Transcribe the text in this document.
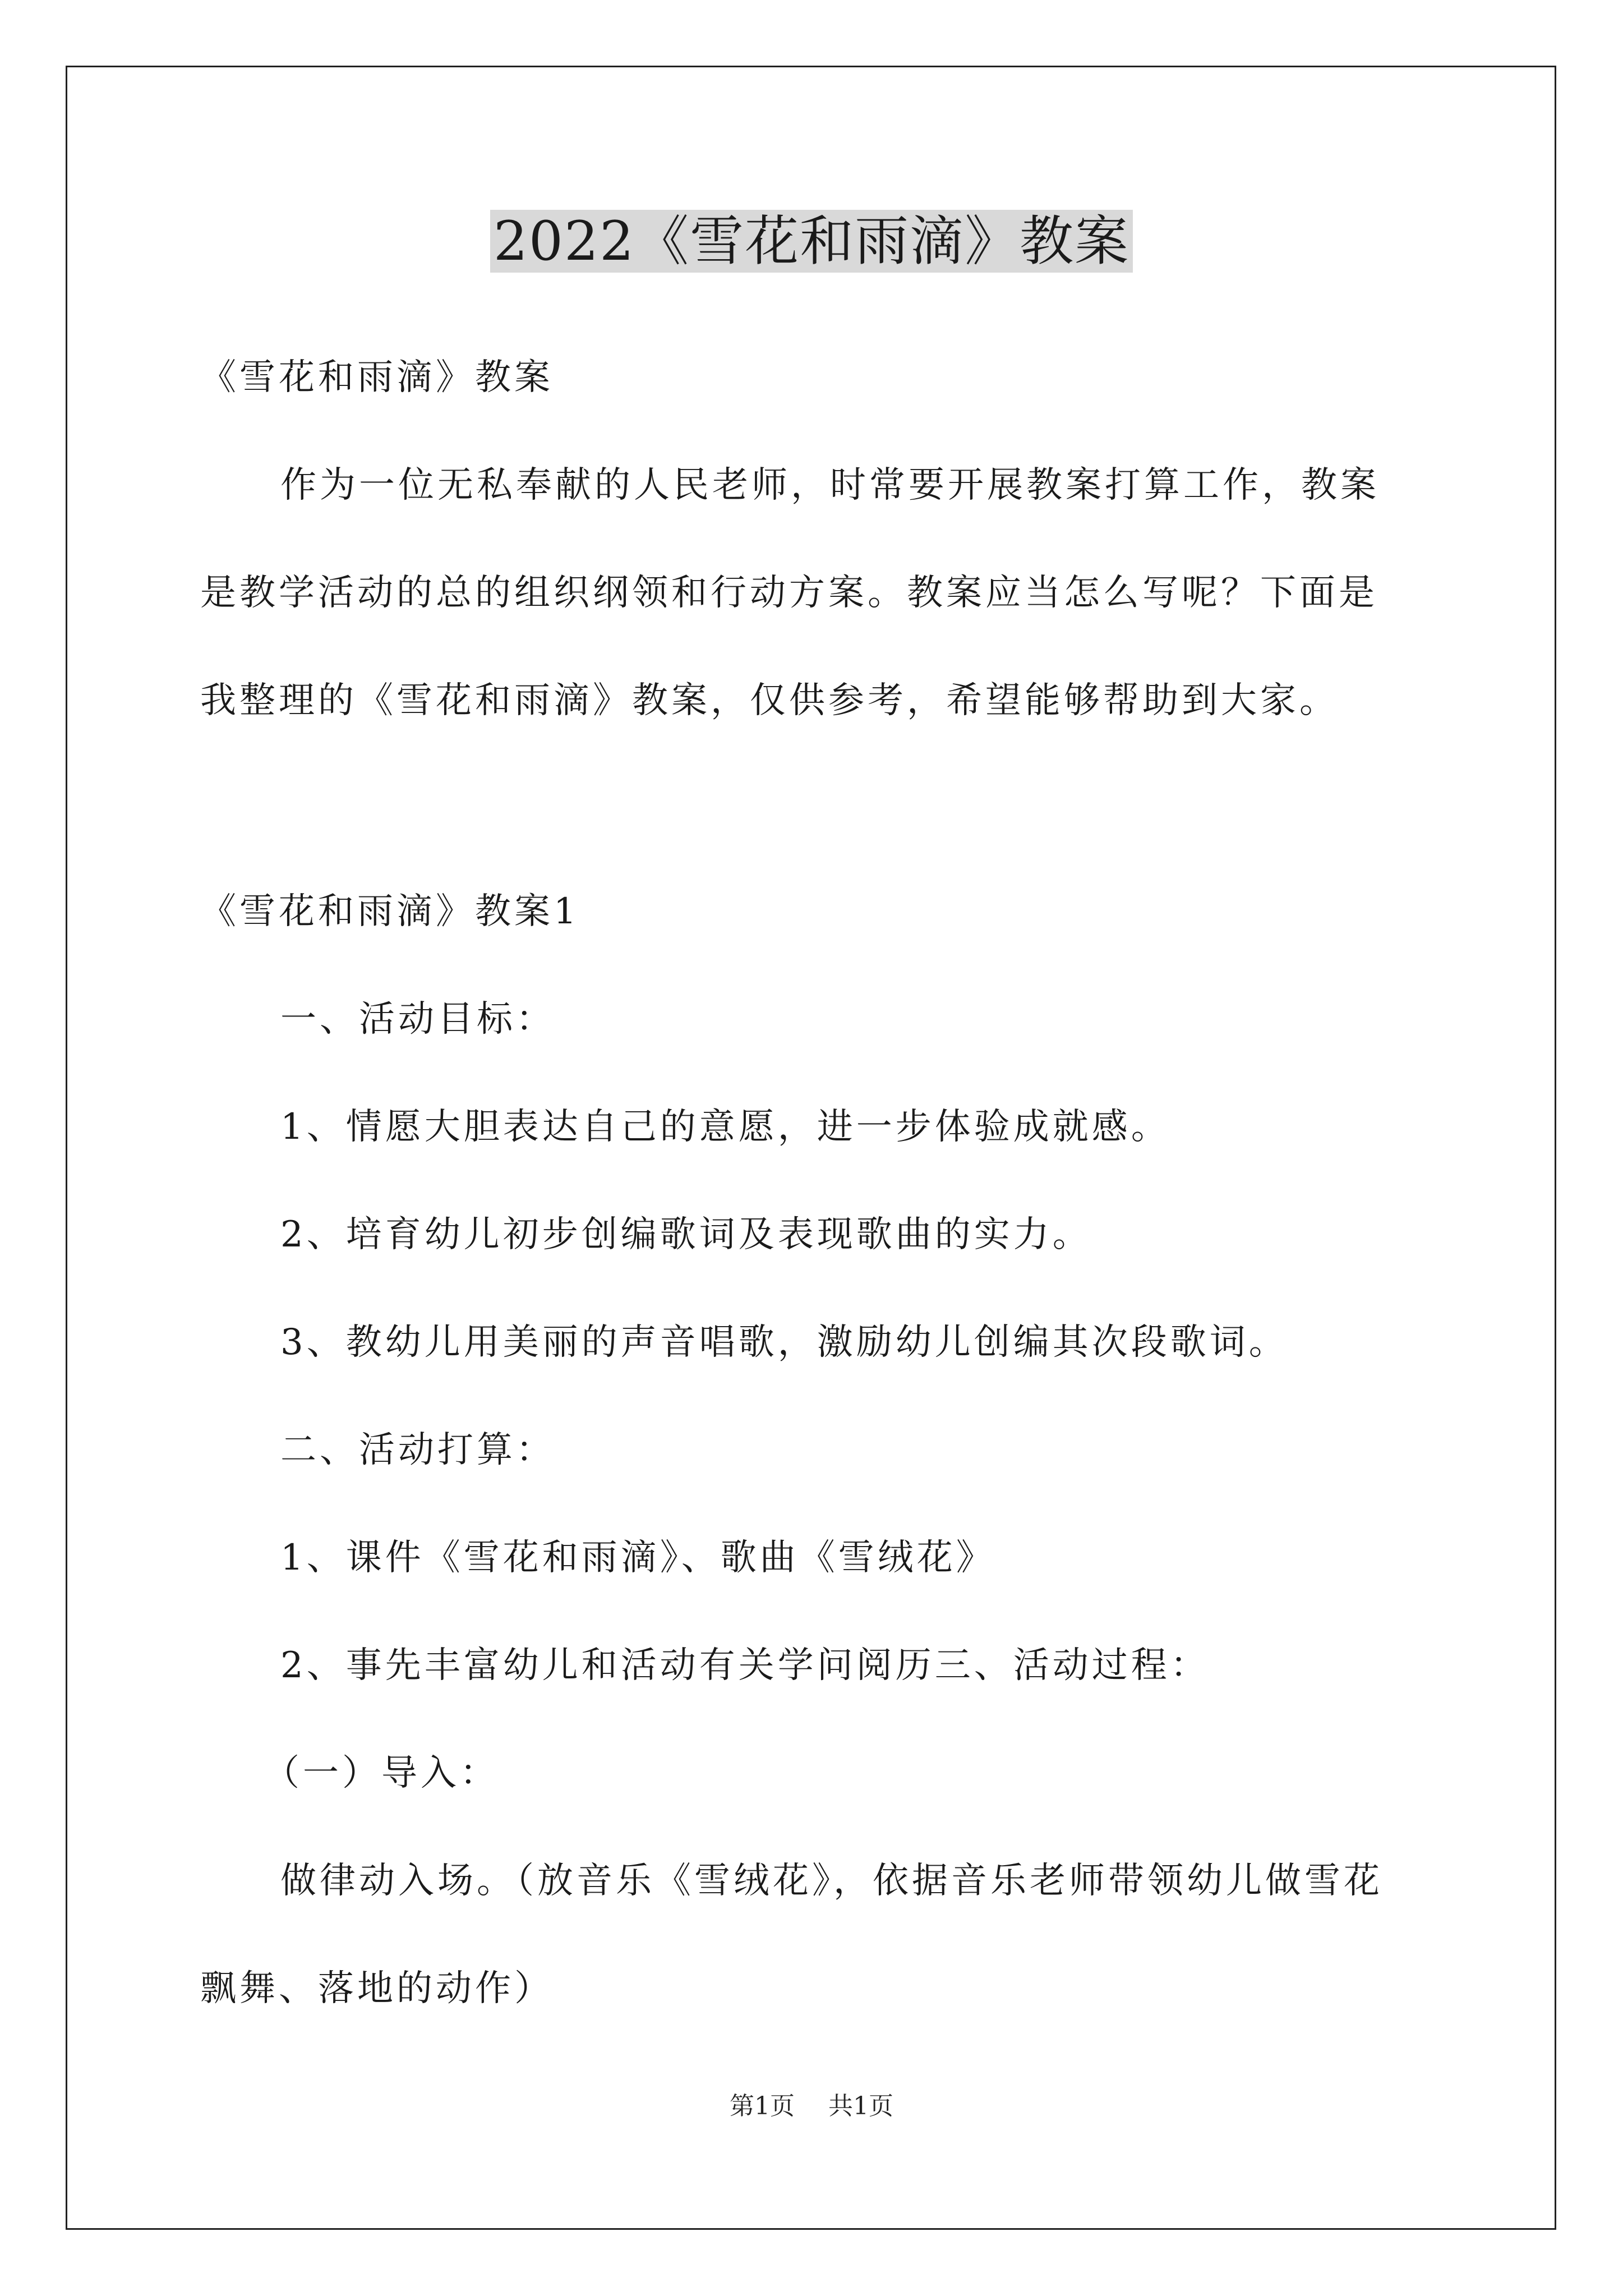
2022《雪花和雨滴》教案
《雪花和雨滴》教案
作为一位无私奉献的人民老师，时常要开展教案打算工作，教案
是教学活动的总的组织纲领和行动方案。教案应当怎么写呢？下面是
我整理的《雪花和雨滴》教案，仅供参考，希望能够帮助到大家。
《雪花和雨滴》教案1
一、活动目标：
1、情愿大胆表达自己的意愿，进一步体验成就感。
2、培育幼儿初步创编歌词及表现歌曲的实力。
3、教幼儿用美丽的声音唱歌，激励幼儿创编其次段歌词。
二、活动打算：
1、课件《雪花和雨滴》、歌曲《雪绒花》
2、事先丰富幼儿和活动有关学问阅历三、活动过程：
（一）导入：
做律动入场。（放音乐《雪绒花》，依据音乐老师带领幼儿做雪花
飘舞、落地的动作）
第1页 共1页
